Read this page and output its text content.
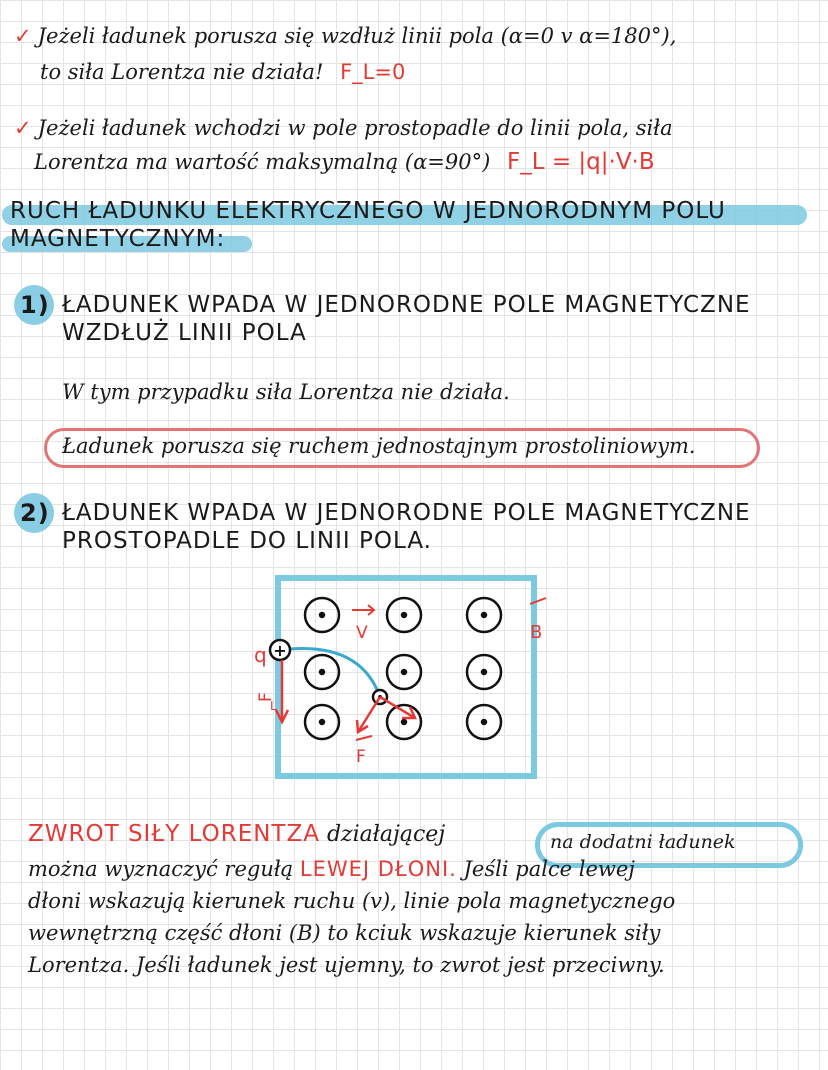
✓ Jeżeli ładunek porusza się wzdłuż linii pola (α=0 v α=180°),
to siła Lorentza nie działa! F_L=0
✓ Jeżeli ładunek wchodzi w pole prostopadle do linii pola, siła
Lorentza ma wartość maksymalną (α=90°) F_L = |q|·V·B
RUCH ŁADUNKU ELEKTRYCZNEGO W JEDNORODNYM POLU
MAGNETYCZNYM:
1) ŁADUNEK WPADA W JEDNORODNE POLE MAGNETYCZNE
WZDŁUŻ LINII POLA
W tym przypadku siła Lorentza nie działa.
Ładunek porusza się ruchem jednostajnym prostoliniowym.
2) ŁADUNEK WPADA W JEDNORODNE POLE MAGNETYCZNE
PROSTOPADLE DO LINII POLA.
+
q
F
L
V	B
F
ZWROT SIŁY LORENTZA działającej	na dodatni ładunek
można wyznaczyć regułą LEWEJ DŁONI. Jeśli palce lewej
dłoni wskazują kierunek ruchu (v), linie pola magnetycznego
wewnętrzną część dłoni (B) to kciuk wskazuje kierunek siły
Lorentza. Jeśli ładunek jest ujemny, to zwrot jest przeciwny.
